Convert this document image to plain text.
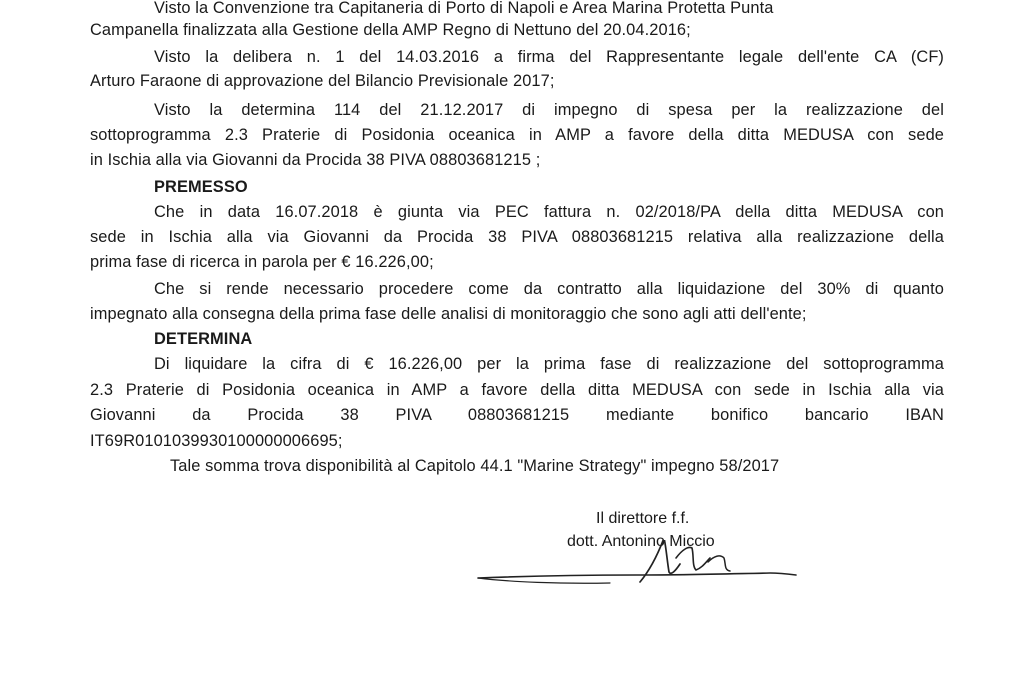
Visto la Convenzione tra Capitaneria di Porto di Napoli e Area Marina Protetta Punta
Campanella finalizzata alla Gestione della AMP Regno di Nettuno del 20.04.2016;
Visto la delibera n. 1 del 14.03.2016 a firma del Rappresentante legale dell'ente CA (CF)
Arturo Faraone di approvazione del Bilancio Previsionale 2017;
Visto la determina 114 del 21.12.2017 di impegno di spesa per la realizzazione del
sottoprogramma 2.3 Praterie di Posidonia oceanica in AMP a favore della ditta MEDUSA con sede
in Ischia alla via Giovanni da Procida 38 PIVA 08803681215 ;
PREMESSO
Che in data 16.07.2018 è giunta via PEC fattura n. 02/2018/PA della ditta MEDUSA con
sede in Ischia alla via Giovanni da Procida 38 PIVA 08803681215 relativa alla realizzazione della
prima fase di ricerca in parola per € 16.226,00;
Che si rende necessario procedere come da contratto alla liquidazione del 30% di quanto
impegnato alla consegna della prima fase delle analisi di monitoraggio che sono agli atti dell'ente;
DETERMINA
Di liquidare la cifra di € 16.226,00 per la prima fase di realizzazione del sottoprogramma
2.3 Praterie di Posidonia oceanica in AMP a favore della ditta MEDUSA con sede in Ischia alla via
Giovanni da Procida 38 PIVA 08803681215 mediante bonifico bancario IBAN
IT69R0101039930100000006695;
Tale somma trova disponibilità al Capitolo 44.1 "Marine Strategy" impegno 58/2017
Il direttore f.f.
dott. Antonino Miccio
